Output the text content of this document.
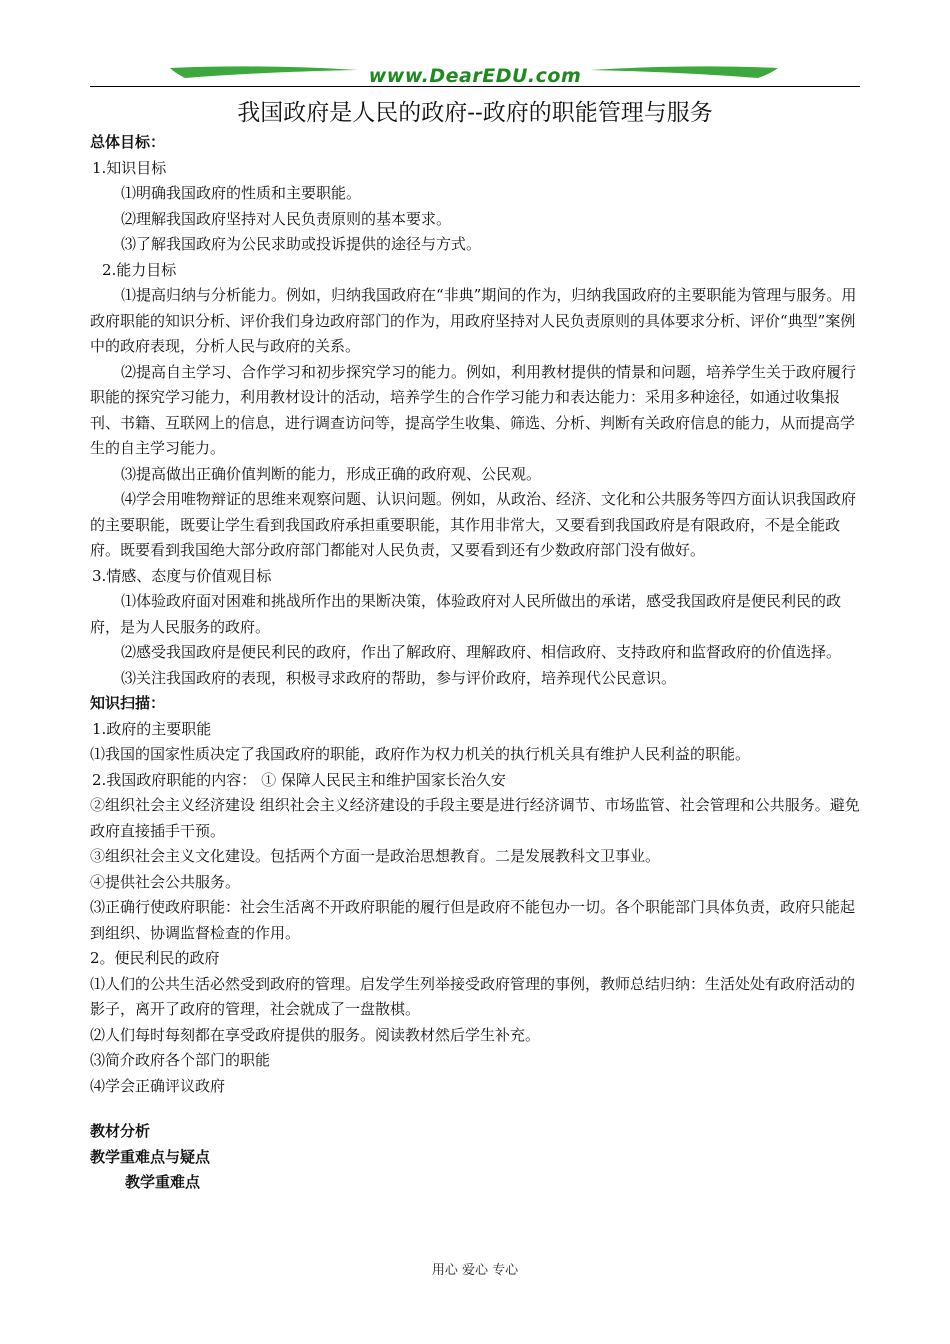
www.DearEDU.com
我国政府是人民的政府--政府的职能管理与服务

总体目标：

1.知识目标

⑴明确我国政府的性质和主要职能。

⑵理解我国政府坚持对人民负责原则的基本要求。

⑶了解我国政府为公民求助或投诉提供的途径与方式。

2.能力目标

⑴提高归纳与分析能力。例如，归纳我国政府在“非典”期间的作为，归纳我国政府的主要职能为管理与服务。用政府职能的知识分析、评价我们身边政府部门的作为，用政府坚持对人民负责原则的具体要求分析、评价“典型”案例中的政府表现，分析人民与政府的关系。

⑵提高自主学习、合作学习和初步探究学习的能力。例如，利用教材提供的情景和问题，培养学生关于政府履行职能的探究学习能力，利用教材设计的活动，培养学生的合作学习能力和表达能力：采用多种途径，如通过收集报刊、书籍、互联网上的信息，进行调查访问等，提高学生收集、筛选、分析、判断有关政府信息的能力，从而提高学生的自主学习能力。

⑶提高做出正确价值判断的能力，形成正确的政府观、公民观。

⑷学会用唯物辩证的思维来观察问题、认识问题。例如，从政治、经济、文化和公共服务等四方面认识我国政府的主要职能，既要让学生看到我国政府承担重要职能，其作用非常大，又要看到我国政府是有限政府，不是全能政府。既要看到我国绝大部分政府部门都能对人民负责，又要看到还有少数政府部门没有做好。

3.情感、态度与价值观目标

⑴体验政府面对困难和挑战所作出的果断决策，体验政府对人民所做出的承诺，感受我国政府是便民利民的政府，是为人民服务的政府。

⑵感受我国政府是便民利民的政府，作出了解政府、理解政府、相信政府、支持政府和监督政府的价值选择。

⑶关注我国政府的表现，积极寻求政府的帮助，参与评价政府，培养现代公民意识。

知识扫描：

1.政府的主要职能

⑴我国的国家性质决定了我国政府的职能，政府作为权力机关的执行机关具有维护人民利益的职能。

2.我国政府职能的内容： ① 保障人民民主和维护国家长治久安

②组织社会主义经济建设 组织社会主义经济建设的手段主要是进行经济调节、市场监管、社会管理和公共服务。避免政府直接插手干预。

③组织社会主义文化建设。包括两个方面一是政治思想教育。二是发展教科文卫事业。

④提供社会公共服务。

⑶正确行使政府职能：社会生活离不开政府职能的履行但是政府不能包办一切。各个职能部门具体负责，政府只能起到组织、协调监督检查的作用。

2。便民利民的政府

⑴人们的公共生活必然受到政府的管理。启发学生列举接受政府管理的事例，教师总结归纳：生活处处有政府活动的影子，离开了政府的管理，社会就成了一盘散棋。

⑵人们每时每刻都在享受政府提供的服务。阅读教材然后学生补充。

⑶简介政府各个部门的职能

⑷学会正确评议政府

教材分析

教学重难点与疑点

教学重难点

用心 爱心 专心
